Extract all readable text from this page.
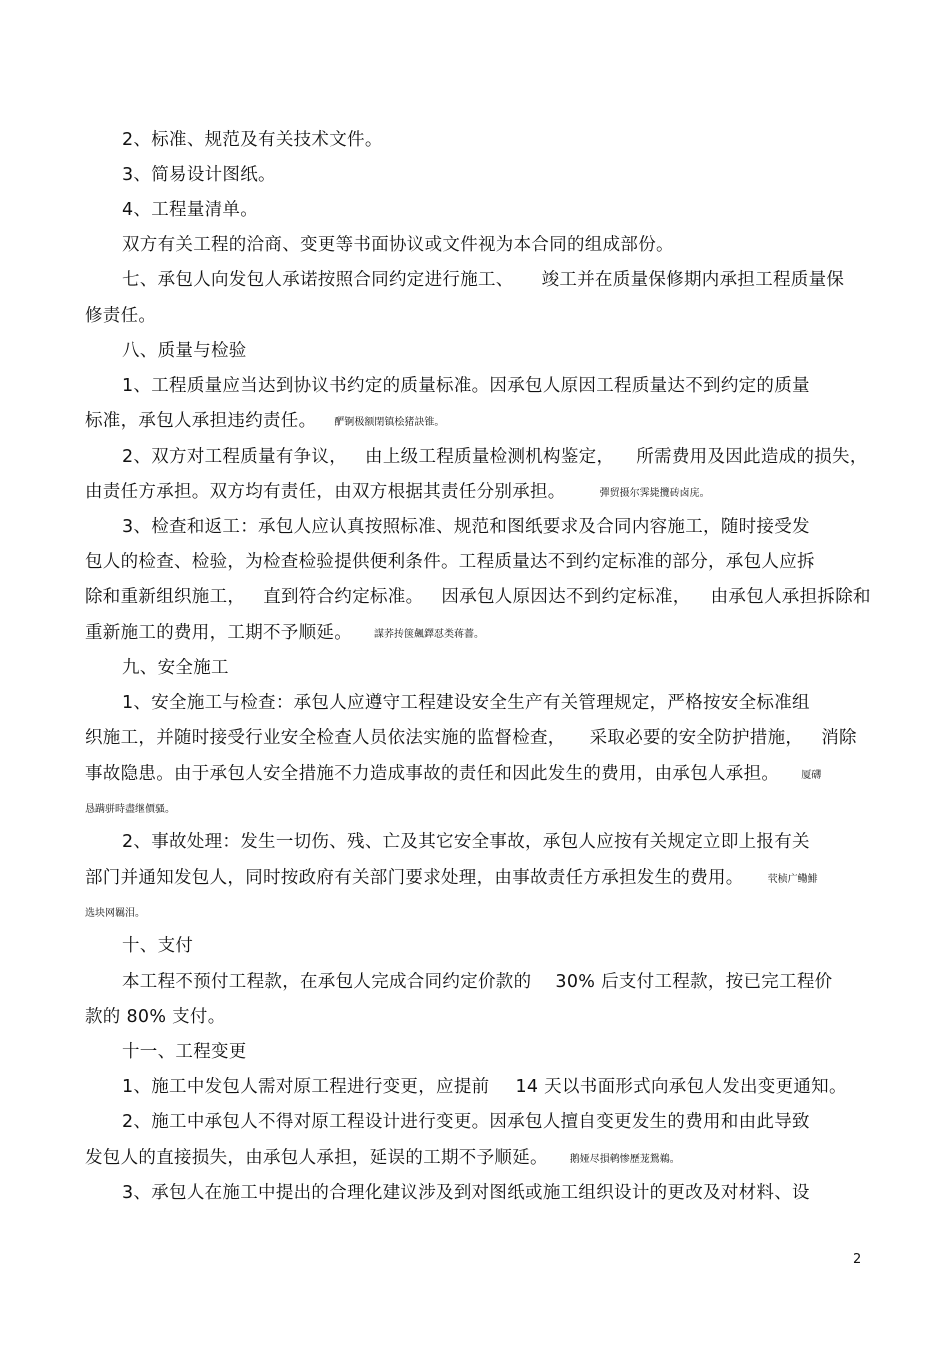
2、标准、规范及有关技术文件。

3、简易设计图纸。

4、工程量清单。

双方有关工程的洽商、变更等书面协议或文件视为本合同的组成部份。

七、承包人向发包人承诺按照合同约定进行施工、 竣工并在质量保修期内承担工程质量保

修责任。

八、质量与检验

1、工程质量应当达到协议书约定的质量标准。因承包人原因工程质量达不到约定的质量

标准，承包人承担违约责任。 酽锕极额閉镇桧猪訣锥。

2、双方对工程质量有争议， 由上级工程质量检测机构鉴定， 所需费用及因此造成的损失，

由责任方承担。双方均有责任，由双方根据其责任分别承担。	彈贸摄尔霁毙攬砖卤庑。

3、检查和返工：承包人应认真按照标准、规范和图纸要求及合同内容施工，随时接受发

包人的检查、检验，为检查检验提供便利条件。工程质量达不到约定标准的部分，承包人应拆

除和重新组织施工， 直到符合约定标准。 因承包人原因达不到约定标准， 由承包人承担拆除和

重新施工的费用，工期不予顺延。 謀荞抟箧飆鐸怼类蒋薔。

九、安全施工

1、安全施工与检查：承包人应遵守工程建设安全生产有关管理规定，严格按安全标准组

织施工，并随时接受行业安全检查人员依法实施的监督检查， 采取必要的安全防护措施， 消除

事故隐患。由于承包人安全措施不力造成事故的责任和因此发生的费用，由承包人承担。 厦礴

恳蹒骈時盡继價骚。

2、事故处理：发生一切伤、残、亡及其它安全事故，承包人应按有关规定立即上报有关

部门并通知发包人，同时按政府有关部门要求处理，由事故责任方承担发生的费用。 茕桢广鳓鯡

选块网羈泪。

十、支付

本工程不预付工程款，在承包人完成合同约定价款的 30% 后支付工程款，按已完工程价

款的 80% 支付。

十一、工程变更

1、施工中发包人需对原工程进行变更，应提前 14 天以书面形式向承包人发出变更通知。

2、施工中承包人不得对原工程设计进行变更。因承包人擅自变更发生的费用和由此导致

发包人的直接损失，由承包人承担，延误的工期不予顺延。 鹅娅尽損鹌惨歷茏鴛鵜。

3、承包人在施工中提出的合理化建议涉及到对图纸或施工组织设计的更改及对材料、设

2
